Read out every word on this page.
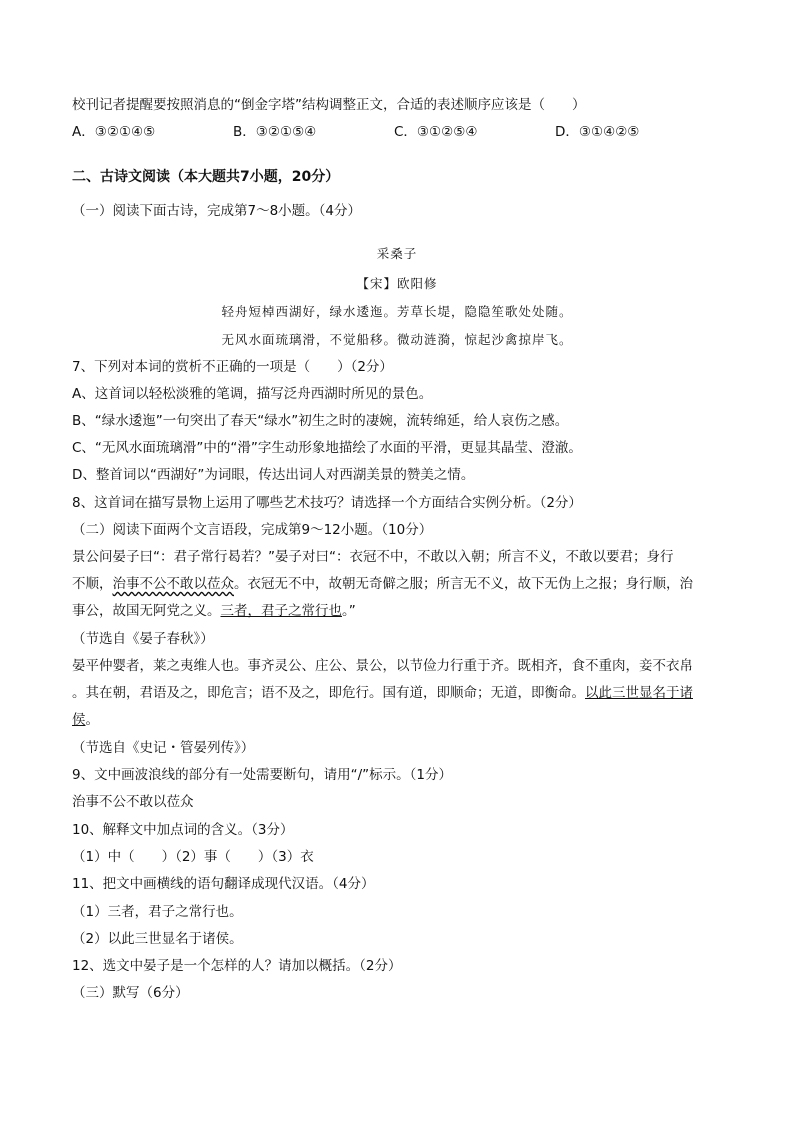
校刊记者提醒要按照消息的“倒金字塔”结构调整正文，合适的表述顺序应该是（　　）
A．③②①④⑤	B．③②①⑤④	C．③①②⑤④	D．③①④②⑤
二、古诗文阅读（本大题共7小题，20分）
（一）阅读下面古诗，完成第7～8小题。（4分）
采桑子
【宋】欧阳修
轻舟短棹西湖好，绿水逶迤。芳草长堤，隐隐笙歌处处随。
无风水面琉璃滑，不觉船移。微动涟漪，惊起沙禽掠岸飞。
7、下列对本词的赏析不正确的一项是（　　）（2分）
A、这首词以轻松淡雅的笔调，描写泛舟西湖时所见的景色。
B、“绿水逶迤”一句突出了春天“绿水”初生之时的凄婉，流转绵延，给人哀伤之感。
C、“无风水面琉璃滑”中的“滑”字生动形象地描绘了水面的平滑，更显其晶莹、澄澈。
D、整首词以“西湖好”为词眼，传达出词人对西湖美景的赞美之情。
8、这首词在描写景物上运用了哪些艺术技巧？请选择一个方面结合实例分析。（2分）
（二）阅读下面两个文言语段，完成第9～12小题。（10分）
景公问晏子曰“：君子常行曷若？”晏子对曰“：衣冠不中，不敢以入朝；所言不义，不敢以要君；身行
不顺，治事不公不敢以莅众。衣冠无不中，故朝无奇僻之服；所言无不义，故下无伪上之报；身行顺，治
事公，故国无阿党之义。三者，君子之常行也。”
（节选自《晏子春秋》）
晏平仲婴者，莱之夷维人也。事齐灵公、庄公、景公，以节俭力行重于齐。既相齐，食不重肉，妾不衣帛
。其在朝，君语及之，即危言；语不及之，即危行。国有道，即顺命；无道，即衡命。以此三世显名于诸
侯。
（节选自《史记・管晏列传》）
9、文中画波浪线的部分有一处需要断句，请用“/”标示。（1分）
治事不公不敢以莅众
10、解释文中加点词的含义。（3分）
（1）中（　　）（2）事（　　）（3）衣
11、把文中画横线的语句翻译成现代汉语。（4分）
（1）三者，君子之常行也。
（2）以此三世显名于诸侯。
12、选文中晏子是一个怎样的人？请加以概括。（2分）
（三）默写（6分）
